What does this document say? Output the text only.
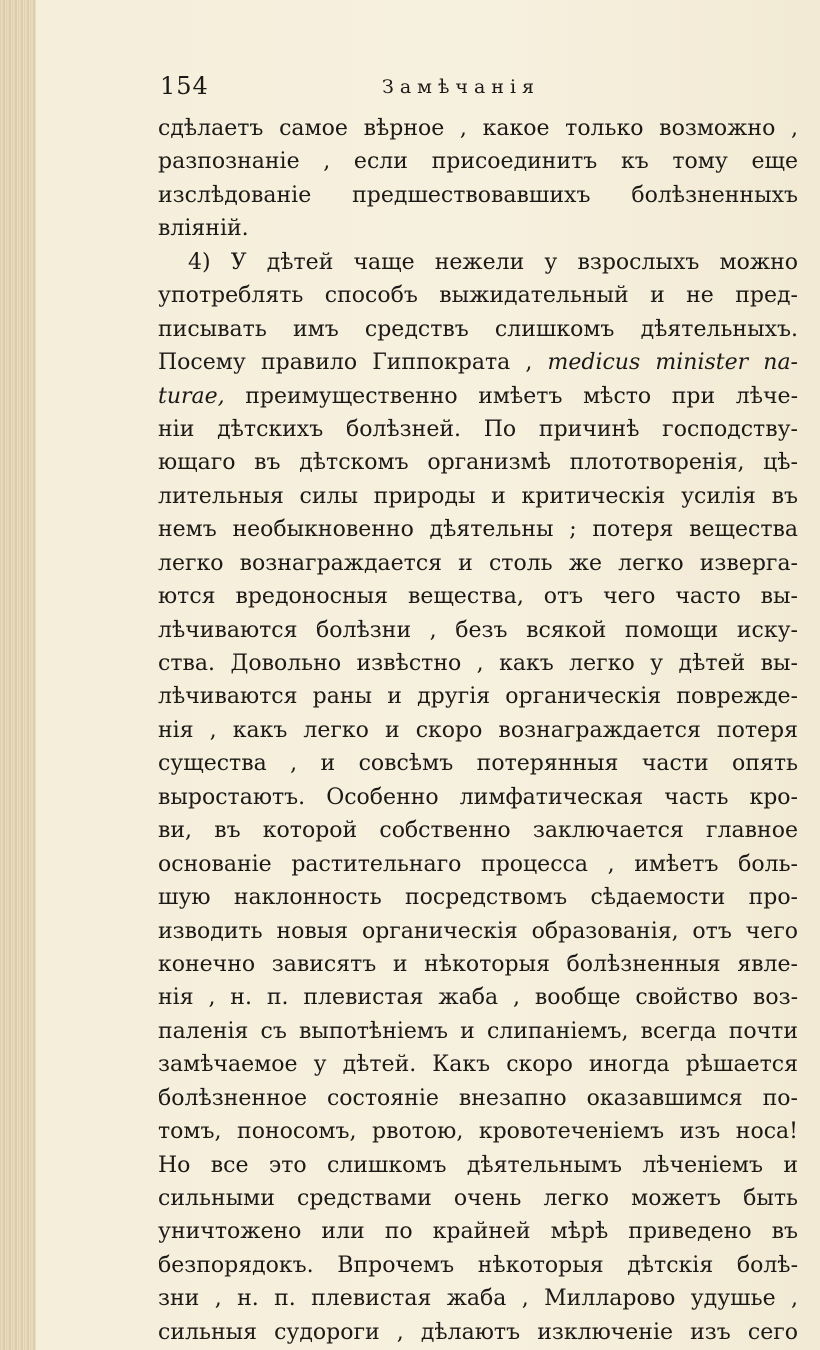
154	Замѣчанія
сдѣлаетъ самое вѣрное , какое только возможно ,
разпознаніе , если присоединитъ къ тому еще
изслѣдованіе предшествовавшихъ болѣзненныхъ
вліяній.
4) У дѣтей чаще нежели у взрослыхъ можно
употреблять способъ выжидательный и не пред-
писывать имъ средствъ слишкомъ дѣятельныхъ.
Посему правило Гиппократа , medicus minister na-
turae, преимущественно имѣетъ мѣсто при лѣче-
ніи дѣтскихъ болѣзней. По причинѣ господству-
ющаго въ дѣтскомъ организмѣ плототворенія, цѣ-
лительныя силы природы и критическія усилія въ
немъ необыкновенно дѣятельны ; потеря вещества
легко вознаграждается и столь же легко изверга-
ются вредоносныя вещества, отъ чего часто вы-
лѣчиваются болѣзни , безъ всякой помощи иску-
ства. Довольно извѣстно , какъ легко у дѣтей вы-
лѣчиваются раны и другія органическія поврежде-
нія , какъ легко и скоро вознаграждается потеря
существа , и совсѣмъ потерянныя части опять
выростаютъ. Особенно лимфатическая часть кро-
ви, въ которой собственно заключается главное
основаніе растительнаго процесса , имѣетъ боль-
шую наклонность посредствомъ сѣдаемости про-
изводить новыя органическія образованія, отъ чего
конечно зависятъ и нѣкоторыя болѣзненныя явле-
нія , н. п. плевистая жаба , вообще свойство воз-
паленія съ выпотѣніемъ и слипаніемъ, всегда почти
замѣчаемое у дѣтей. Какъ скоро иногда рѣшается
болѣзненное состояніе внезапно оказавшимся по-
томъ, поносомъ, рвотою, кровотеченіемъ изъ носа!
Но все это слишкомъ дѣятельнымъ лѣченіемъ и
сильными средствами очень легко можетъ быть
уничтожено или по крайней мѣрѣ приведено въ
безпорядокъ. Впрочемъ нѣкоторыя дѣтскія болѣ-
зни , н. п. плевистая жаба , Милларово удушье ,
сильныя судороги , дѣлаютъ изключеніе изъ сего
